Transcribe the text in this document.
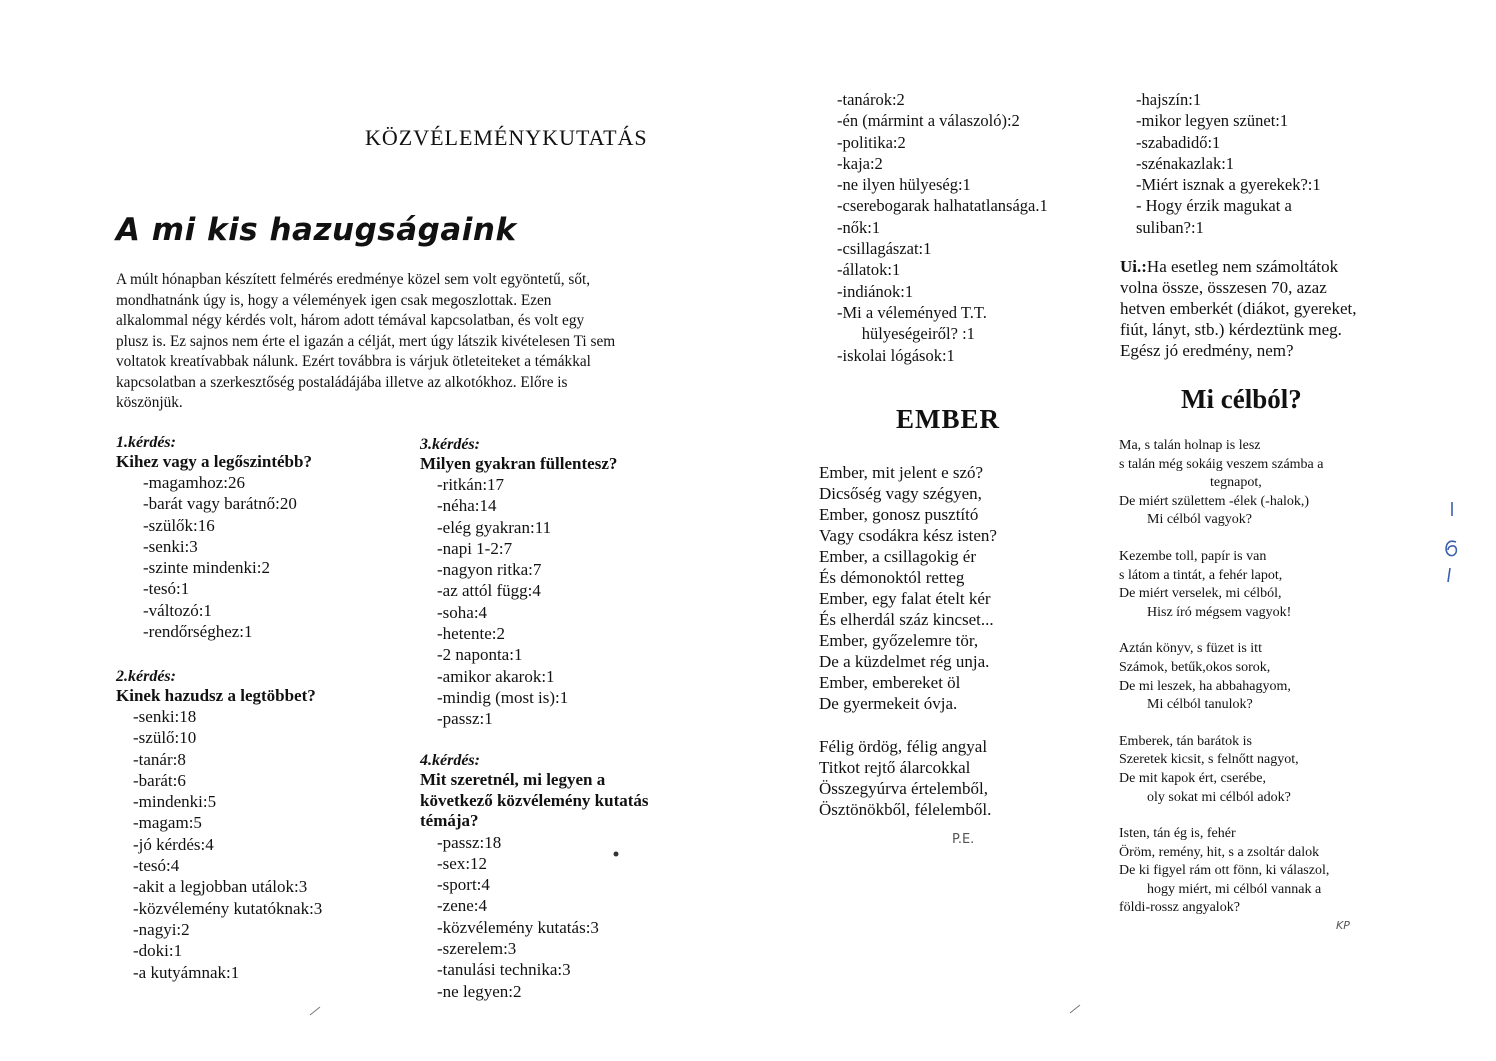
KÖZVÉLEMÉNYKUTATÁS
A mi kis hazugságaink
A múlt hónapban készített felmérés eredménye közel sem volt egyöntetű, sőt,
mondhatnánk úgy is, hogy a vélemények igen csak megoszlottak. Ezen
alkalommal négy kérdés volt, három adott témával kapcsolatban, és volt egy
plusz is. Ez sajnos nem érte el igazán a célját, mert úgy látszik kivételesen Ti sem
voltatok kreatívabbak nálunk. Ezért továbbra is várjuk ötleteiteket a témákkal
kapcsolatban a szerkesztőség postaládájába illetve az alkotókhoz. Előre is
köszönjük.
1.kérdés:
Kihez vagy a legőszintébb?
-magamhoz:26
-barát vagy barátnő:20
-szülők:16
-senki:3
-szinte mindenki:2
-tesó:1
-változó:1
-rendőrséghez:1
2.kérdés:
Kinek hazudsz a legtöbbet?
-senki:18
-szülő:10
-tanár:8
-barát:6
-mindenki:5
-magam:5
-jó kérdés:4
-tesó:4
-akit a legjobban utálok:3
-közvélemény kutatóknak:3
-nagyi:2
-doki:1
-a kutyámnak:1
3.kérdés:
Milyen gyakran füllentesz?
-ritkán:17
-néha:14
-elég gyakran:11
-napi 1-2:7
-nagyon ritka:7
-az attól függ:4
-soha:4
-hetente:2
-2 naponta:1
-amikor akarok:1
-mindig (most is):1
-passz:1
4.kérdés:
Mit szeretnél, mi legyen a
következő közvélemény kutatás
témája?
-passz:18
-sex:12
-sport:4
-zene:4
-közvélemény kutatás:3
-szerelem:3
-tanulási technika:3
-ne legyen:2
-tanárok:2
-én (mármint a válaszoló):2
-politika:2
-kaja:2
-ne ilyen hülyeség:1
-cserebogarak halhatatlansága.1
-nők:1
-csillagászat:1
-állatok:1
-indiánok:1
-Mi a véleményed T.T.
hülyeségeiről? :1
-iskolai lógások:1
-hajszín:1
-mikor legyen szünet:1
-szabadidő:1
-szénakazlak:1
-Miért isznak a gyerekek?:1
- Hogy érzik magukat a
suliban?:1
Ui.:Ha esetleg nem számoltátok
volna össze, összesen 70, azaz
hetven emberkét (diákot, gyereket,
fiút, lányt, stb.) kérdeztünk meg.
Egész jó eredmény, nem?
EMBER
Ember, mit jelent e szó?
Dicsőség vagy szégyen,
Ember, gonosz pusztító
Vagy csodákra kész isten?
Ember, a csillagokig ér
És démonoktól retteg
Ember, egy falat ételt kér
És elherdál száz kincset...
Ember, győzelemre tör,
De a küzdelmet rég unja.
Ember, embereket öl
De gyermekeit óvja.
Félig ördög, félig angyal
Titkot rejtő álarcokkal
Összegyúrva értelemből,
Ösztönökből, félelemből.
P.E.
Mi célból?
Ma, s talán holnap is lesz
s talán még sokáig veszem számba a
tegnapot,
De miért születtem -élek (-halok,)
Mi célból vagyok?
Kezembe toll, papír is van
s látom a tintát, a fehér lapot,
De miért verselek, mi célból,
Hisz író mégsem vagyok!
Aztán könyv, s füzet is itt
Számok, betűk,okos sorok,
De mi leszek, ha abbahagyom,
Mi célból tanulok?
Emberek, tán barátok is
Szeretek kicsit, s felnőtt nagyot,
De mit kapok ért, cserébe,
oly sokat mi célból adok?
Isten, tán ég is, fehér
Öröm, remény, hit, s a zsoltár dalok
De ki figyel rám ott fönn, ki válaszol,
hogy miért, mi célból vannak a
földi-rossz angyalok?
KP
